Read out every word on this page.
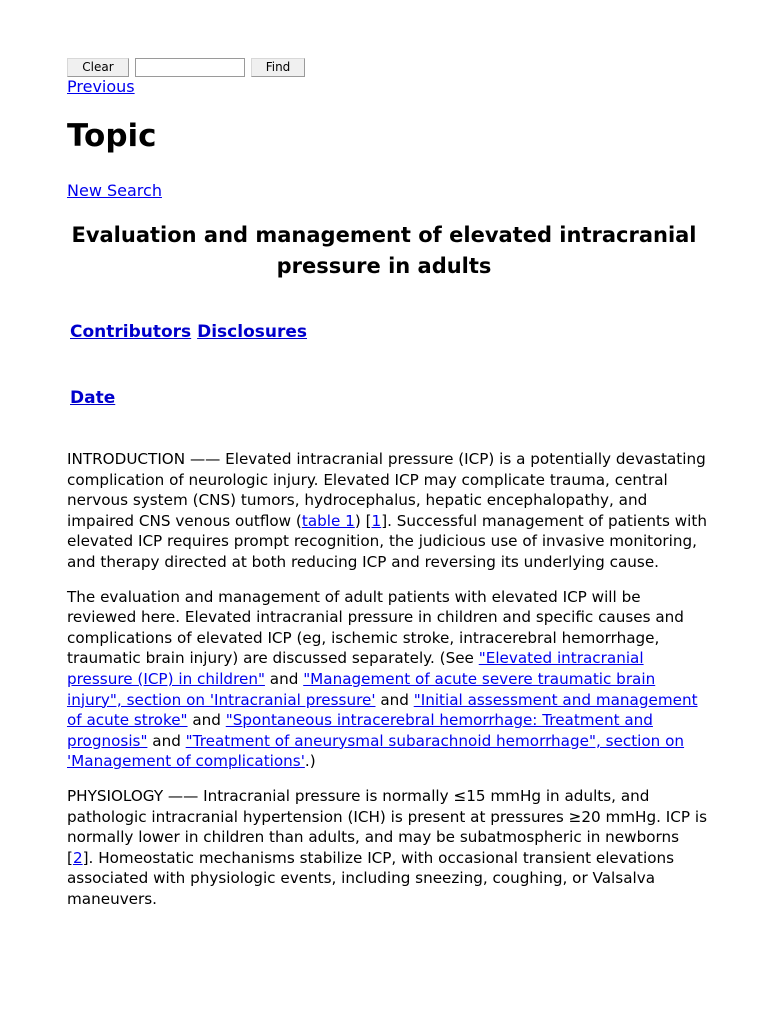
Clear	Find
Previous
Topic
New Search
Evaluation and management of elevated intracranial pressure in adults
Contributors Disclosures
Date

INTRODUCTION —— Elevated intracranial pressure (ICP) is a potentially devastating complication of neurologic injury. Elevated ICP may complicate trauma, central nervous system (CNS) tumors, hydrocephalus, hepatic encephalopathy, and impaired CNS venous outflow (table 1) [1]. Successful management of patients with elevated ICP requires prompt recognition, the judicious use of invasive monitoring, and therapy directed at both reducing ICP and reversing its underlying cause.

The evaluation and management of adult patients with elevated ICP will be reviewed here. Elevated intracranial pressure in children and specific causes and complications of elevated ICP (eg, ischemic stroke, intracerebral hemorrhage, traumatic brain injury) are discussed separately. (See "Elevated intracranial pressure (ICP) in children" and "Management of acute severe traumatic brain injury", section on 'Intracranial pressure' and "Initial assessment and management of acute stroke" and "Spontaneous intracerebral hemorrhage: Treatment and prognosis" and "Treatment of aneurysmal subarachnoid hemorrhage", section on 'Management of complications'.)

PHYSIOLOGY —— Intracranial pressure is normally ≤15 mmHg in adults, and pathologic intracranial hypertension (ICH) is present at pressures ≥20 mmHg. ICP is normally lower in children than adults, and may be subatmospheric in newborns [2]. Homeostatic mechanisms stabilize ICP, with occasional transient elevations associated with physiologic events, including sneezing, coughing, or Valsalva maneuvers.
